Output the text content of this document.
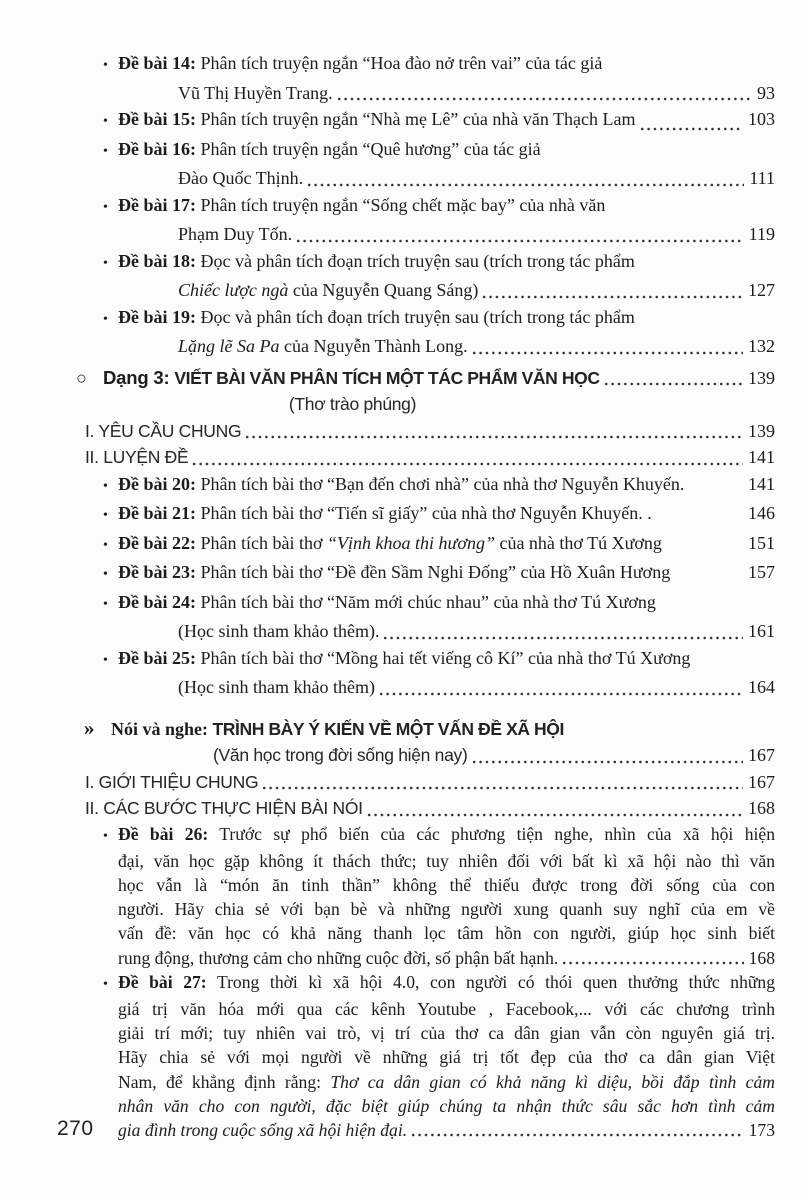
• Đề bài 14: Phân tích truyện ngắn “Hoa đào nở trên vai” của tác giả
Vũ Thị Huyền Trang.	93
• Đề bài 15: Phân tích truyện ngắn “Nhà mẹ Lê” của nhà văn Thạch Lam	103
• Đề bài 16: Phân tích truyện ngắn “Quê hương” của tác giả
Đào Quốc Thịnh.	111
• Đề bài 17: Phân tích truyện ngắn “Sống chết mặc bay” của nhà văn
Phạm Duy Tốn.	119
• Đề bài 18: Đọc và phân tích đoạn trích truyện sau (trích trong tác phẩm
Chiếc lược ngà của Nguyễn Quang Sáng)	127
• Đề bài 19: Đọc và phân tích đoạn trích truyện sau (trích trong tác phẩm
Lặng lẽ Sa Pa của Nguyễn Thành Long.	132
○ Dạng 3: VIẾT BÀI VĂN PHÂN TÍCH MỘT TÁC PHẨM VĂN HỌC	139
(Thơ trào phúng)
I. YÊU CẦU CHUNG	139
II. LUYỆN ĐỀ	141
• Đề bài 20: Phân tích bài thơ “Bạn đến chơi nhà” của nhà thơ Nguyễn Khuyến.	141
• Đề bài 21: Phân tích bài thơ “Tiến sĩ giấy” của nhà thơ Nguyễn Khuyến. .	146
• Đề bài 22: Phân tích bài thơ “Vịnh khoa thi hương” của nhà thơ Tú Xương	151
• Đề bài 23: Phân tích bài thơ “Đề đền Sầm Nghi Đống” của Hồ Xuân Hương	157
• Đề bài 24: Phân tích bài thơ “Năm mới chúc nhau” của nhà thơ Tú Xương
(Học sinh tham khảo thêm).	161
• Đề bài 25: Phân tích bài thơ “Mồng hai tết viếng cô Kí” của nhà thơ Tú Xương
(Học sinh tham khảo thêm)	164
» Nói và nghe: TRÌNH BÀY Ý KIẾN VỀ MỘT VẤN ĐỀ XÃ HỘI
(Văn học trong đời sống hiện nay)	167
I. GIỚI THIỆU CHUNG	167
II. CÁC BƯỚC THỰC HIỆN BÀI NÓI	168
• Đề bài 26: Trước sự phổ biến của các phương tiện nghe, nhìn của xã hội hiện
đại, văn học gặp không ít thách thức; tuy nhiên đối với bất kì xã hội nào thì văn
học vẫn là “món ăn tinh thần” không thể thiếu được trong đời sống của con
người. Hãy chia sẻ với bạn bè và những người xung quanh suy nghĩ của em về
vấn đề: văn học có khả năng thanh lọc tâm hồn con người, giúp học sinh biết
rung động, thương cảm cho những cuộc đời, số phận bất hạnh.	168
• Đề bài 27: Trong thời kì xã hội 4.0, con người có thói quen thưởng thức những
giá trị văn hóa mới qua các kênh Youtube , Facebook,... với các chương trình
giải trí mới; tuy nhiên vai trò, vị trí của thơ ca dân gian vẫn còn nguyên giá trị.
Hãy chia sẻ với mọi người về những giá trị tốt đẹp của thơ ca dân gian Việt
Nam, để khẳng định rằng: Thơ ca dân gian có khả năng kì diệu, bồi đắp tình cảm
nhân văn cho con người, đặc biệt giúp chúng ta nhận thức sâu sắc hơn tình cảm
gia đình trong cuộc sống xã hội hiện đại.	173
270
